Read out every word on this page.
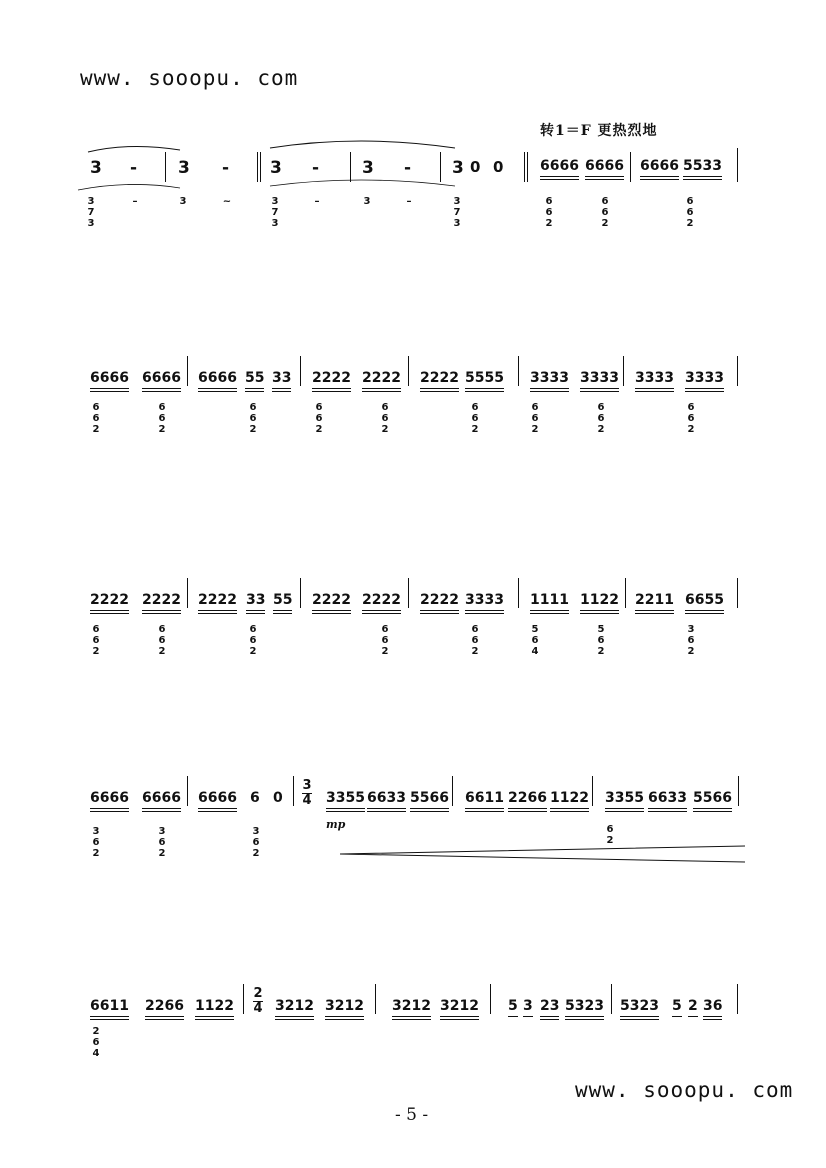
www. sooopu. com
转1＝F 更热烈地
www. sooopu. com
- 5 -
3 - 3 - 3 -	3 - 3 0 0	6666 6666 6666 5533
3
7
3
–	3	~	3
7
3
–	3	–	3
7
3
6
6
2
6
6
2
6
6
2
6666 6666 6666 55 33 2222 2222 2222 5555 3333 3333 3333 3333
6
6
2
6
6
2
6
6
2
6
6
2
6
6
2
6
6
2
6
6
2
6
6
2
6
6
2
2222 2222 2222 33 55 2222 2222 2222 3333 1111 1122 2211 6655
6
6
2
6
6
2
6
6
2
6
6
2
6
6
2
5
6
4
5
6
2
3
6
2
6666 6666 6666 6 0
3
4 3355 6633 5566 6611 2266 1122 3355 6633 5566
mp
3
6
2
3
6
2
3
6
2
6
2
6611 2266 1122
2
4 3212 3212 3212 3212 5 3 23 5323 5323 5 2 36
2
6
4
